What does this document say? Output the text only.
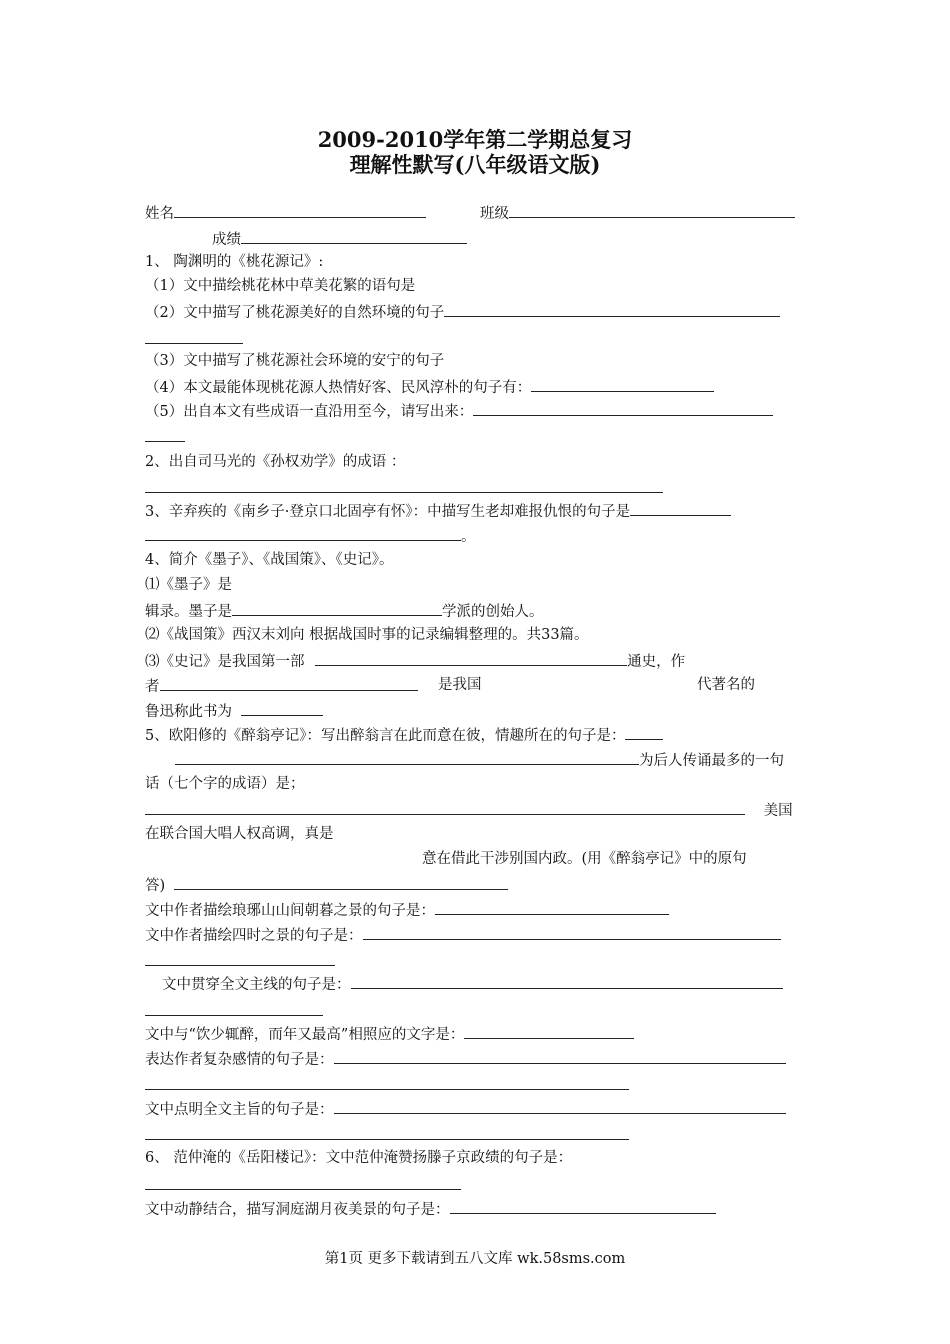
2009-2010学年第二学期总复习
理解性默写(八年级语文版)
姓名	班级
成绩
1、 陶渊明的《桃花源记》:
（1）文中描绘桃花林中草美花繁的语句是
（2）文中描写了桃花源美好的自然环境的句子
（3）文中描写了桃花源社会环境的安宁的句子
（4）本文最能体现桃花源人热情好客、民风淳朴的句子有：
（5）出自本文有些成语一直沿用至今，请写出来：
2、出自司马光的《孙权劝学》的成语 ：
3、辛弃疾的《南乡子·登京口北固亭有怀》：中描写生老却难报仇恨的句子是
。
4、简介《墨子》、《战国策》、《史记》。
⑴《墨子》是
辑录。墨子是	学派的创始人。
⑵《战国策》西汉末刘向 根据战国时事的记录编辑整理的。共33篇。
⑶《史记》是我国第一部	通史，作
者	是我国	代著名的
鲁迅称此书为
5、欧阳修的《醉翁亭记》：写出醉翁言在此而意在彼，情趣所在的句子是：
为后人传诵最多的一句
话（七个字的成语）是；
美国
在联合国大唱人权高调，真是
意在借此干涉别国内政。(用《醉翁亭记》中的原句
答)
文中作者描绘琅琊山山间朝暮之景的句子是：
文中作者描绘四时之景的句子是：
文中贯穿全文主线的句子是：
文中与“饮少辄醉，而年又最高”相照应的文字是：
表达作者复杂感情的句子是：
文中点明全文主旨的句子是：
6、 范仲淹的《岳阳楼记》：文中范仲淹赞扬滕子京政绩的句子是：
文中动静结合，描写洞庭湖月夜美景的句子是：
第1页 更多下载请到五八文库 wk.58sms.com
